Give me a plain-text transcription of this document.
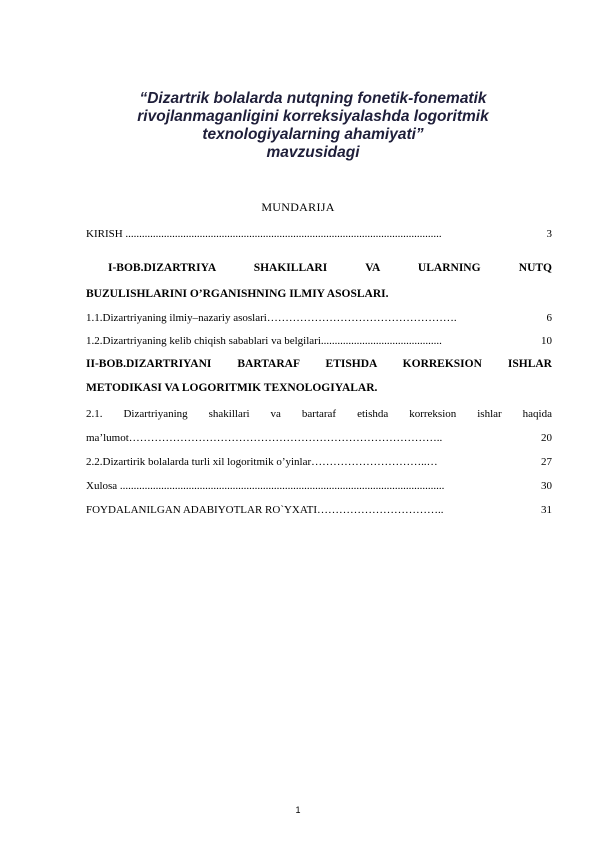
“Dizartrik bolalarda nutqning fonetik-fonematik
rivojlanmaganligini korreksiyalashda logoritmik
texnologiyalarning ahamiyati”
mavzusidagi
MUNDARIJA
KIRISH ...................................................................................................................	3
I-BOB.DIZARTRIYA SHAKILLARI VA ULARNING NUTQ
BUZULISHLARINI O’RGANISHNING ILMIY ASOSLARI.
1.1.Dizartriyaning ilmiy–nazariy asoslari…………………………………………….	6
1.2.Dizartriyaning kelib chiqish sabablari va belgilari............................................	10
II-BOB.DIZARTRIYANI BARTARAF ETISHDA KORREKSION ISHLAR
METODIKASI VA LOGORITMIK TEXNOLOGIYALAR.
2.1. Dizartriyaning shakillari va bartaraf etishda korreksion ishlar haqida
ma’lumot…………………………………………………………………………..	20
2.2.Dizartirik bolalarda turli xil logoritmik o’yinlar…………………………..…	27
Xulosa ......................................................................................................................	30
FOYDALANILGAN ADABIYOTLAR RO`YXATI……………………………..	31
1
